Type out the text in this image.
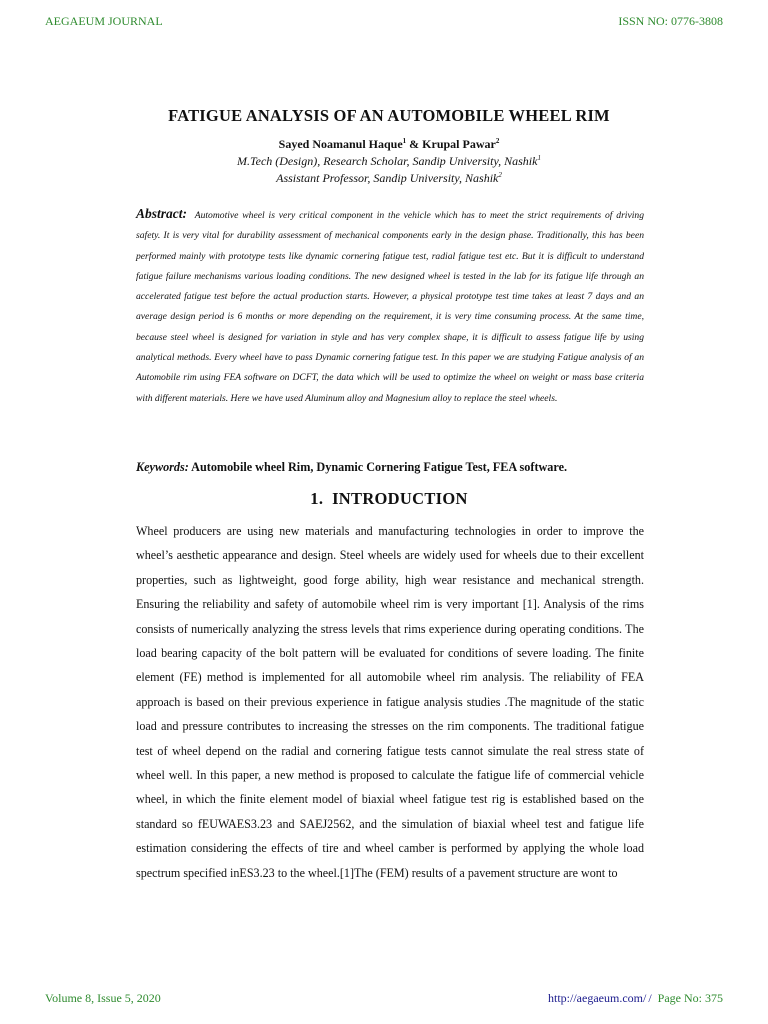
AEGAEUM JOURNAL	ISSN NO: 0776-3808
FATIGUE ANALYSIS OF AN AUTOMOBILE WHEEL RIM
Sayed Noamanul Haque$^1$ & Krupal Pawar$^2$
M.Tech (Design), Research Scholar, Sandip University, Nashik$^1$
Assistant Professor, Sandip University, Nashik$^2$
Abstract: Automotive wheel is very critical component in the vehicle which has to meet the strict requirements of driving safety. It is very vital for durability assessment of mechanical components early in the design phase. Traditionally, this has been performed mainly with prototype tests like dynamic cornering fatigue test, radial fatigue test etc. But it is difficult to understand fatigue failure mechanisms various loading conditions. The new designed wheel is tested in the lab for its fatigue life through an accelerated fatigue test before the actual production starts. However, a physical prototype test time takes at least 7 days and an average design period is 6 months or more depending on the requirement, it is very time consuming process. At the same time, because steel wheel is designed for variation in style and has very complex shape, it is difficult to assess fatigue life by using analytical methods. Every wheel have to pass Dynamic cornering fatigue test. In this paper we are studying Fatigue analysis of an Automobile rim using FEA software on DCFT, the data which will be used to optimize the wheel on weight or mass base criteria with different materials. Here we have used Aluminum alloy and Magnesium alloy to replace the steel wheels.
Keywords: Automobile wheel Rim, Dynamic Cornering Fatigue Test, FEA software.
1.  INTRODUCTION
Wheel producers are using new materials and manufacturing technologies in order to improve the wheel’s aesthetic appearance and design. Steel wheels are widely used for wheels due to their excellent properties, such as lightweight, good forge ability, high wear resistance and mechanical strength. Ensuring the reliability and safety of automobile wheel rim is very important [1]. Analysis of the rims consists of numerically analyzing the stress levels that rims experience during operating conditions. The load bearing capacity of the bolt pattern will be evaluated for conditions of severe loading. The finite element (FE) method is implemented for all automobile wheel rim analysis. The reliability of FEA approach is based on their previous experience in fatigue analysis studies .The magnitude of the static load and pressure contributes to increasing the stresses on the rim components. The traditional fatigue test of wheel depend on the radial and cornering fatigue tests cannot simulate the real stress state of wheel well. In this paper, a new method is proposed to calculate the fatigue life of commercial vehicle wheel, in which the finite element model of biaxial wheel fatigue test rig is established based on the standard so fEUWAES3.23 and SAEJ2562, and the simulation of biaxial wheel test and fatigue life estimation considering the effects of tire and wheel camber is performed by applying the whole load spectrum specified inES3.23 to the wheel.[1]The (FEM) results of a pavement structure are wont to
Volume 8, Issue 5, 2020	http://aegaeum.com/ / Page No: 375
